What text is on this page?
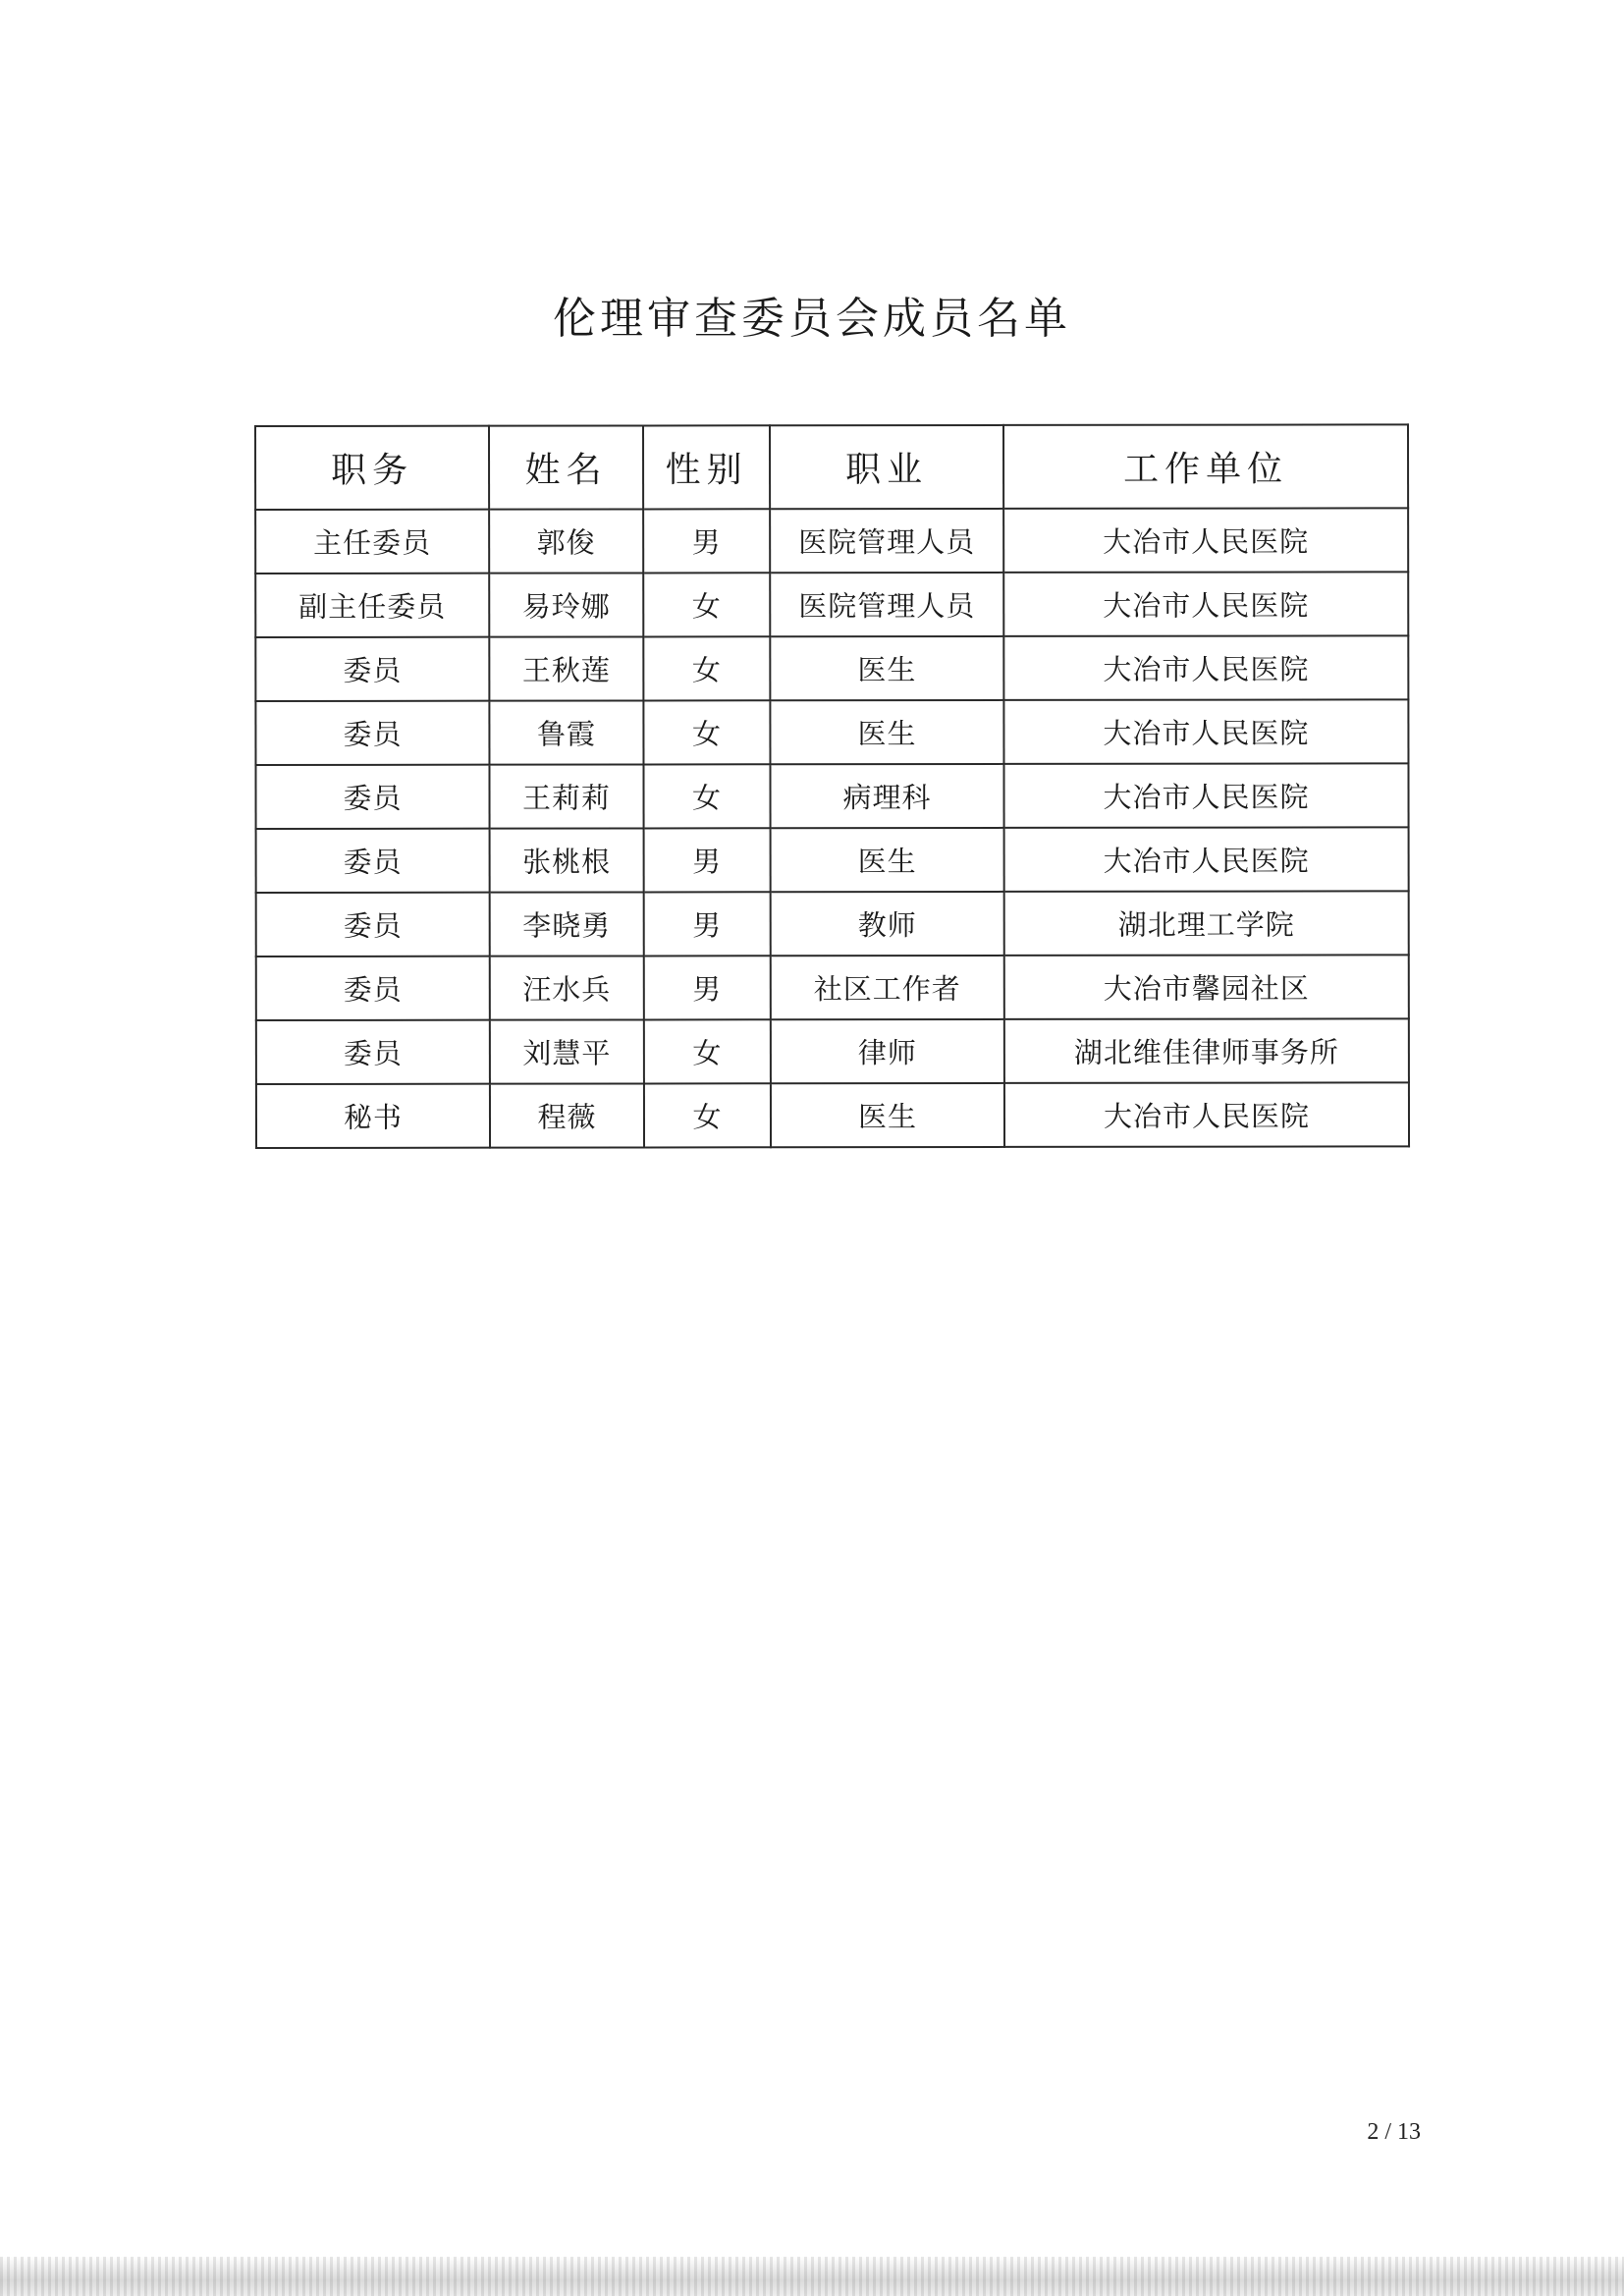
伦理审查委员会成员名单
职务	姓名	性别	职业	工作单位
主任委员	郭俊	男	医院管理人员	大冶市人民医院
副主任委员	易玲娜	女	医院管理人员	大冶市人民医院
委员	王秋莲	女	医生	大冶市人民医院
委员	鲁霞	女	医生	大冶市人民医院
委员	王莉莉	女	病理科	大冶市人民医院
委员	张桃根	男	医生	大冶市人民医院
委员	李晓勇	男	教师	湖北理工学院
委员	汪水兵	男	社区工作者	大冶市馨园社区
委员	刘慧平	女	律师	湖北维佳律师事务所
秘书	程薇	女	医生	大冶市人民医院
2 / 13
